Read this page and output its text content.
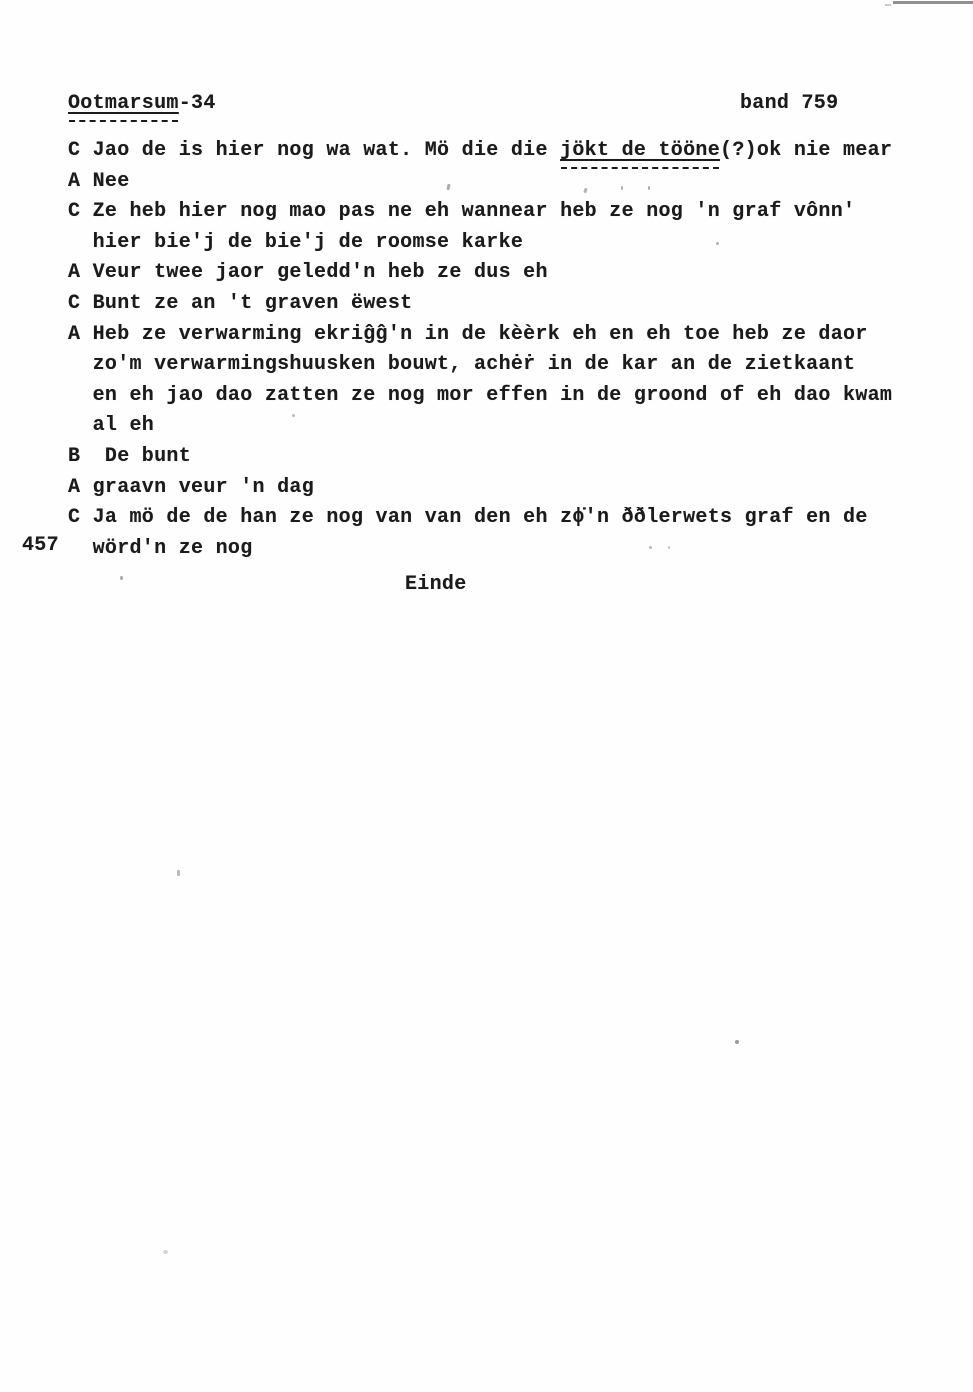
Ootmarsum-34	band 759
C Jao de is hier nog wa wat. Mö die die jökt de tööne(?)ok nie mear
A Nee
C Ze heb hier nog mao pas ne eh wannear heb ze nog 'n graf vônn'
hier bie'j de bie'j de roomse karke
A Veur twee jaor geledd'n heb ze dus eh
C Bunt ze an 't graven ëwest
A Heb ze verwarming ekriĝĝ'n in de kèèrk eh en eh toe heb ze daor
zo'm verwarmingshuusken bouwt, achėṙ in de kar an de zietkaant
en eh jao dao zatten ze nog mor effen in de groond of eh dao kwam
al eh
B  De bunt
A graavn veur 'n dag
C Ja mö de de han ze nog van van den eh zɸ̇'n ððlerwets graf en de
wörd'n ze nog
457
Einde
